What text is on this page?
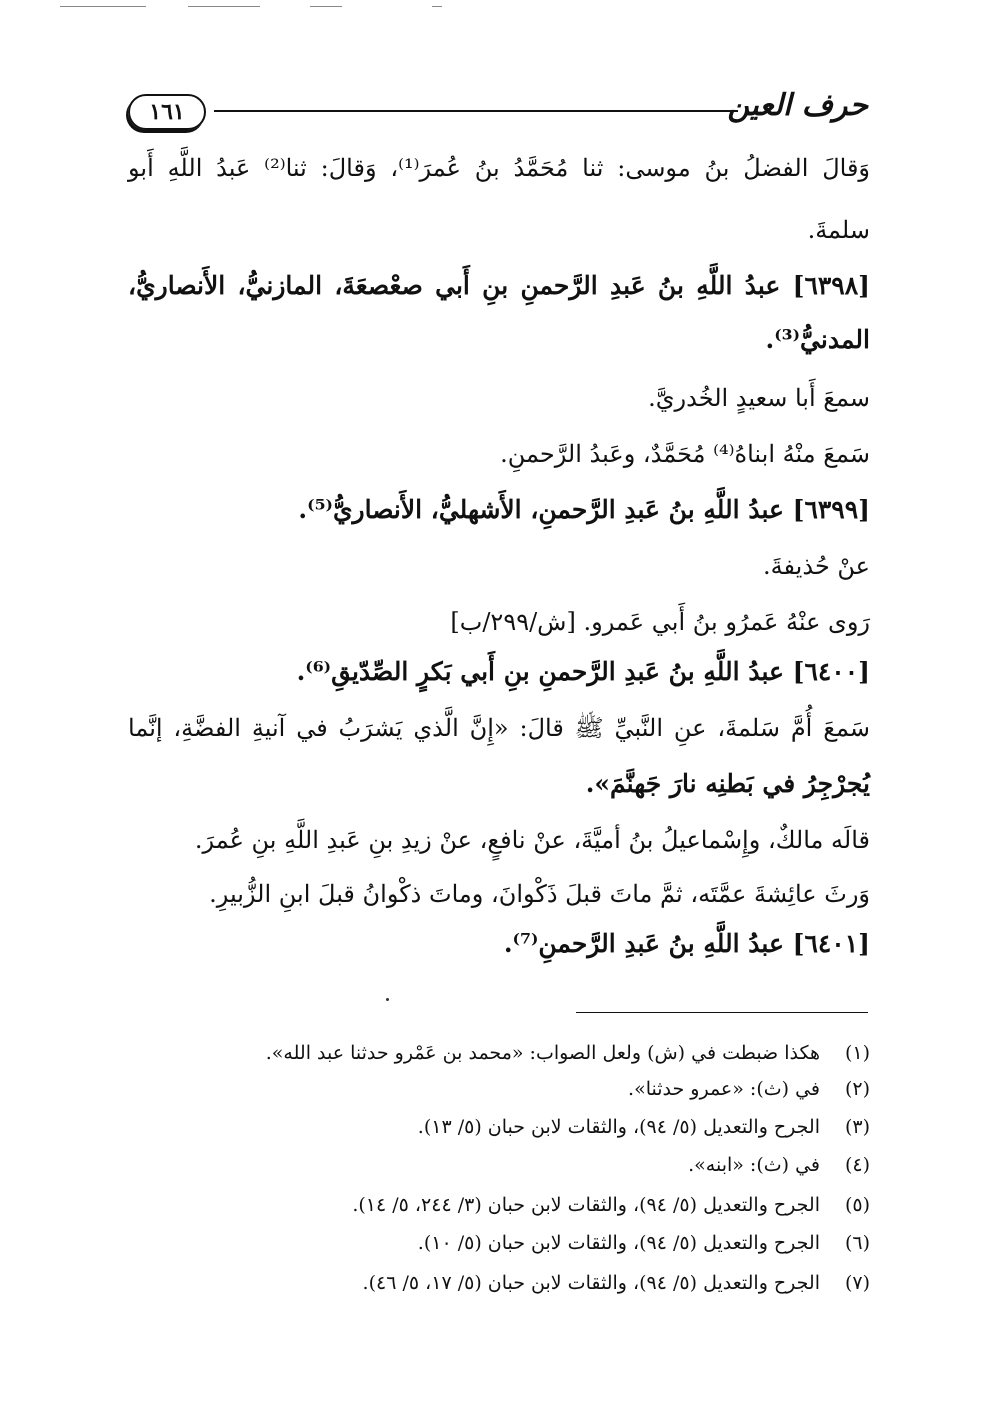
١٦١	حرف العين
وَقالَ الفضلُ بنُ موسى: ثنا مُحَمَّدُ بنُ عُمرَ⁽¹⁾، وَقالَ: ثنا⁽²⁾ عَبدُ اللَّهِ أَبو
سلمةَ.
[٦٣٩٨] عبدُ اللَّهِ بنُ عَبدِ الرَّحمنِ بنِ أَبي صعْصعَةَ، المازنيُّ، الأَنصاريُّ،
المدنيُّ⁽³⁾.
سمعَ أَبا سعيدٍ الخُدريَّ.
سَمعَ منْهُ ابناهُ⁽⁴⁾ مُحَمَّدٌ، وعَبدُ الرَّحمنِ.
[٦٣٩٩] عبدُ اللَّهِ بنُ عَبدِ الرَّحمنِ، الأَشهليُّ، الأَنصاريُّ⁽⁵⁾.
عنْ حُذيفةَ.
رَوى عنْهُ عَمرُو بنُ أَبي عَمرو. [ش/٢٩٩/ب]
[٦٤٠٠] عبدُ اللَّهِ بنُ عَبدِ الرَّحمنِ بنِ أَبي بَكرٍ الصِّدّيقِ⁽⁶⁾.
سَمعَ أُمَّ سَلمةَ، عنِ النَّبيِّ ﷺ قالَ: «إِنَّ الَّذي يَشرَبُ في آنيةِ الفضَّةِ، إنَّما
يُجرْجِرُ في بَطنِه نارَ جَهنَّمَ».
قالَه مالكٌ، وإِسْماعيلُ بنُ أميَّةَ، عنْ نافعٍ، عنْ زيدِ بنِ عَبدِ اللَّهِ بنِ عُمرَ.
وَرثَ عائِشةَ عمَّتَه، ثمَّ ماتَ قبلَ ذَكْوانَ، وماتَ ذكْوانُ قبلَ ابنِ الزُّبيرِ.
[٦٤٠١] عبدُ اللَّهِ بنُ عَبدِ الرَّحمنِ⁽⁷⁾.
(١)
هكذا ضبطت في (ش) ولعل الصواب: «محمد بن عَمْرو حدثنا عبد الله».
(٢)
في (ث): «عمرو حدثنا».
(٣)
الجرح والتعديل (٥/ ٩٤)، والثقات لابن حبان (٥/ ١٣).
(٤)
في (ث): «ابنه».
(٥)
الجرح والتعديل (٥/ ٩٤)، والثقات لابن حبان (٣/ ٢٤٤، ٥/ ١٤).
(٦)
الجرح والتعديل (٥/ ٩٤)، والثقات لابن حبان (٥/ ١٠).
(٧)
الجرح والتعديل (٥/ ٩٤)، والثقات لابن حبان (٥/ ١٧، ٥/ ٤٦).
